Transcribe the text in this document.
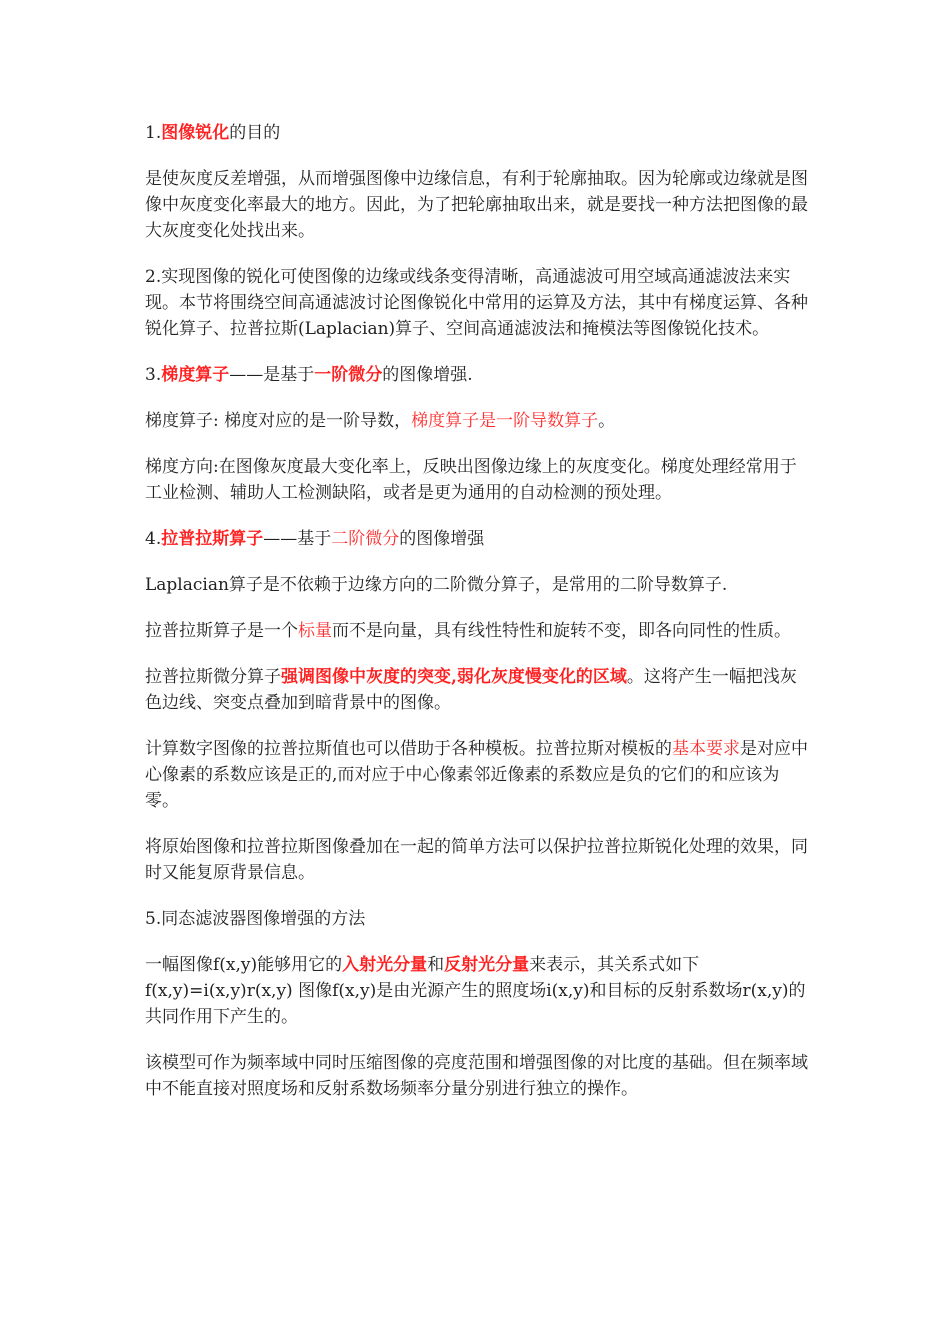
1.图像锐化的目的

是使灰度反差增强，从而增强图像中边缘信息，有利于轮廓抽取。因为轮廓或边缘就是图像中灰度变化率最大的地方。因此，为了把轮廓抽取出来，就是要找一种方法把图像的最大灰度变化处找出来。

2.实现图像的锐化可使图像的边缘或线条变得清晰，高通滤波可用空域高通滤波法来实现。本节将围绕空间高通滤波讨论图像锐化中常用的运算及方法，其中有梯度运算、各种锐化算子、拉普拉斯(Laplacian)算子、空间高通滤波法和掩模法等图像锐化技术。

3.梯度算子——是基于一阶微分的图像增强.

梯度算子: 梯度对应的是一阶导数，梯度算子是一阶导数算子。

梯度方向:在图像灰度最大变化率上，反映出图像边缘上的灰度变化。梯度处理经常用于工业检测、辅助人工检测缺陷，或者是更为通用的自动检测的预处理。

4.拉普拉斯算子——基于二阶微分的图像增强

Laplacian算子是不依赖于边缘方向的二阶微分算子，是常用的二阶导数算子.

拉普拉斯算子是一个标量而不是向量，具有线性特性和旋转不变，即各向同性的性质。

拉普拉斯微分算子强调图像中灰度的突变,弱化灰度慢变化的区域。这将产生一幅把浅灰色边线、突变点叠加到暗背景中的图像。

计算数字图像的拉普拉斯值也可以借助于各种模板。拉普拉斯对模板的基本要求是对应中心像素的系数应该是正的,而对应于中心像素邻近像素的系数应是负的它们的和应该为零。

将原始图像和拉普拉斯图像叠加在一起的简单方法可以保护拉普拉斯锐化处理的效果，同时又能复原背景信息。

5.同态滤波器图像增强的方法

一幅图像f(x,y)能够用它的入射光分量和反射光分量来表示，其关系式如下 f(x,y)=i(x,y)r(x,y) 图像f(x,y)是由光源产生的照度场i(x,y)和目标的反射系数场r(x,y)的共同作用下产生的。

该模型可作为频率域中同时压缩图像的亮度范围和增强图像的对比度的基础。但在频率域中不能直接对照度场和反射系数场频率分量分别进行独立的操作。
